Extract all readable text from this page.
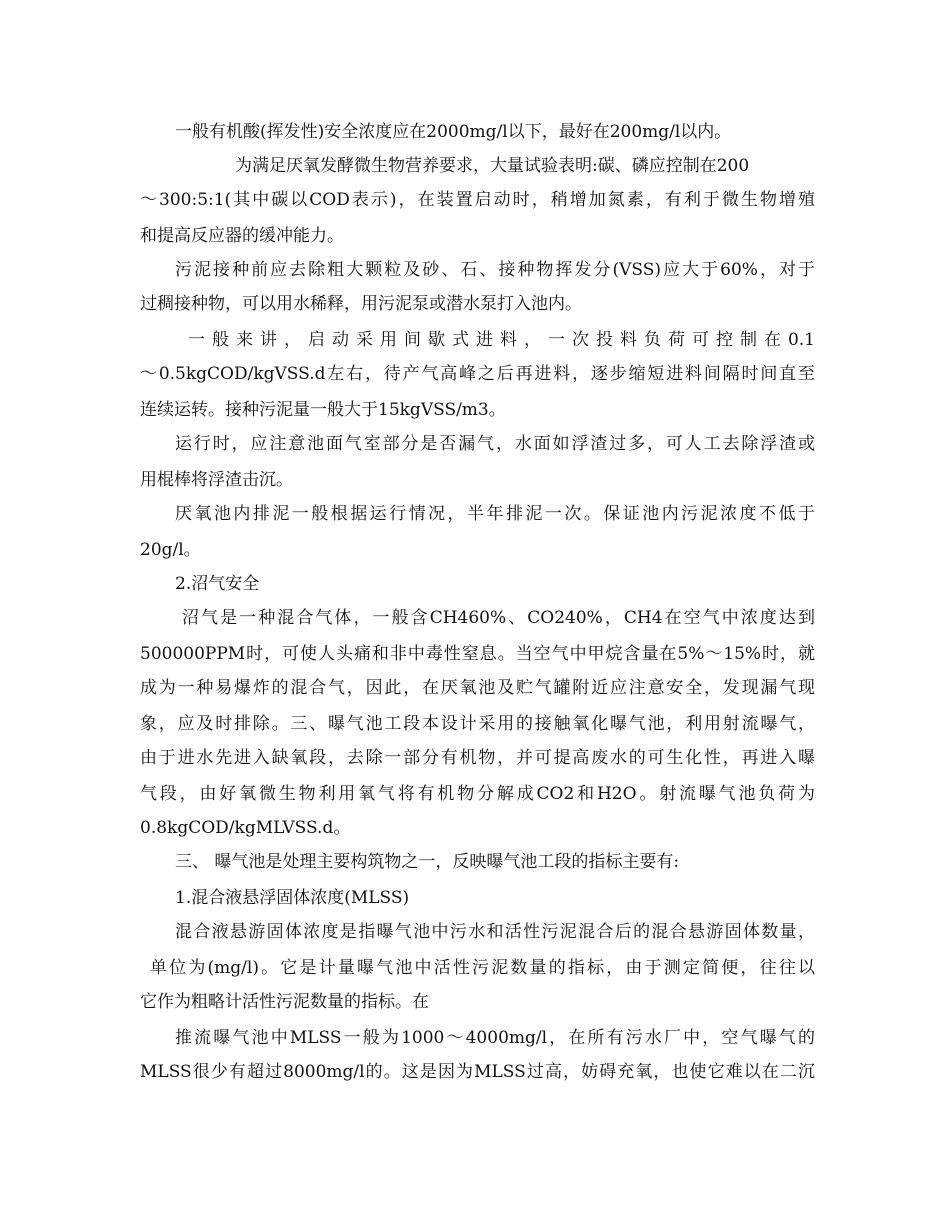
一般有机酸(挥发性)安全浓度应在2000mg/l以下，最好在200mg/l以内。
为满足厌氧发酵微生物营养要求，大量试验表明:碳、磷应控制在200
～300:5:1(其中碳以COD表示)，在装置启动时，稍增加氮素，有利于微生物增殖
和提高反应器的缓冲能力。
污泥接种前应去除粗大颗粒及砂、石、接种物挥发分(VSS)应大于60%，对于
过稠接种物，可以用水稀释，用污泥泵或潜水泵打入池内。
一般来讲，启动采用间歇式进料，一次投料负荷可控制在0.1
～0.5kgCOD/kgVSS.d左右，待产气高峰之后再进料，逐步缩短进料间隔时间直至
连续运转。接种污泥量一般大于15kgVSS/m3。
运行时，应注意池面气室部分是否漏气，水面如浮渣过多，可人工去除浮渣或
用棍棒将浮渣击沉。
厌氧池内排泥一般根据运行情况，半年排泥一次。保证池内污泥浓度不低于
20g/l。
2.沼气安全
沼气是一种混合气体，一般含CH460%、CO240%，CH4在空气中浓度达到
500000PPM时，可使人头痛和非中毒性窒息。当空气中甲烷含量在5%～15%时，就
成为一种易爆炸的混合气，因此，在厌氧池及贮气罐附近应注意安全，发现漏气现
象，应及时排除。三、曝气池工段本设计采用的接触氧化曝气池，利用射流曝气，
由于进水先进入缺氧段，去除一部分有机物，并可提高废水的可生化性，再进入曝
气段，由好氧微生物利用氧气将有机物分解成CO2和H2O。射流曝气池负荷为
0.8kgCOD/kgMLVSS.d。
三、 曝气池是处理主要构筑物之一，反映曝气池工段的指标主要有:
1.混合液悬浮固体浓度(MLSS)
混合液悬游固体浓度是指曝气池中污水和活性污泥混合后的混合悬游固体数量，
单位为(mg/l)。它是计量曝气池中活性污泥数量的指标，由于测定简便，往往以
它作为粗略计活性污泥数量的指标。在
推流曝气池中MLSS一般为1000～4000mg/l，在所有污水厂中，空气曝气的
MLSS很少有超过8000mg/l的。这是因为MLSS过高，妨碍充氧，也使它难以在二沉
